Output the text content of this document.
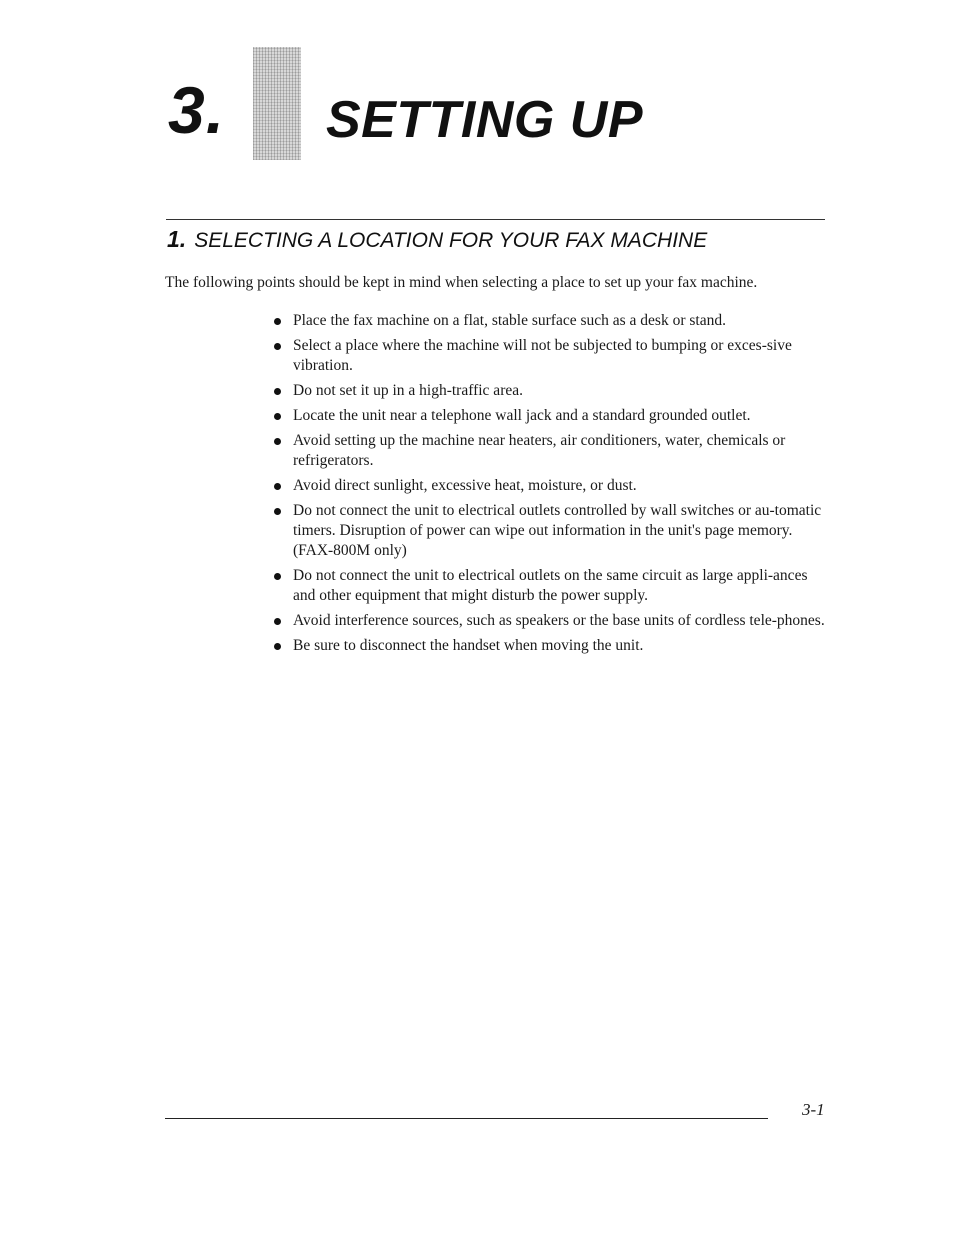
3. SETTING UP
1. SELECTING A LOCATION FOR YOUR FAX MACHINE
The following points should be kept in mind when selecting a place to set up your fax machine.
Place the fax machine on a flat, stable surface such as a desk or stand.
Select a place where the machine will not be subjected to bumping or exces-sive vibration.
Do not set it up in a high-traffic area.
Locate the unit near a telephone wall jack and a standard grounded outlet.
Avoid setting up the machine near heaters, air conditioners, water, chemicals or refrigerators.
Avoid direct sunlight, excessive heat, moisture, or dust.
Do not connect the unit to electrical outlets controlled by wall switches or au-tomatic timers. Disruption of power can wipe out information in the unit's page memory. (FAX-800M only)
Do not connect the unit to electrical outlets on the same circuit as large appli-ances and other equipment that might disturb the power supply.
Avoid interference sources, such as speakers or the base units of cordless tele-phones.
Be sure to disconnect the handset when moving the unit.
3-1
